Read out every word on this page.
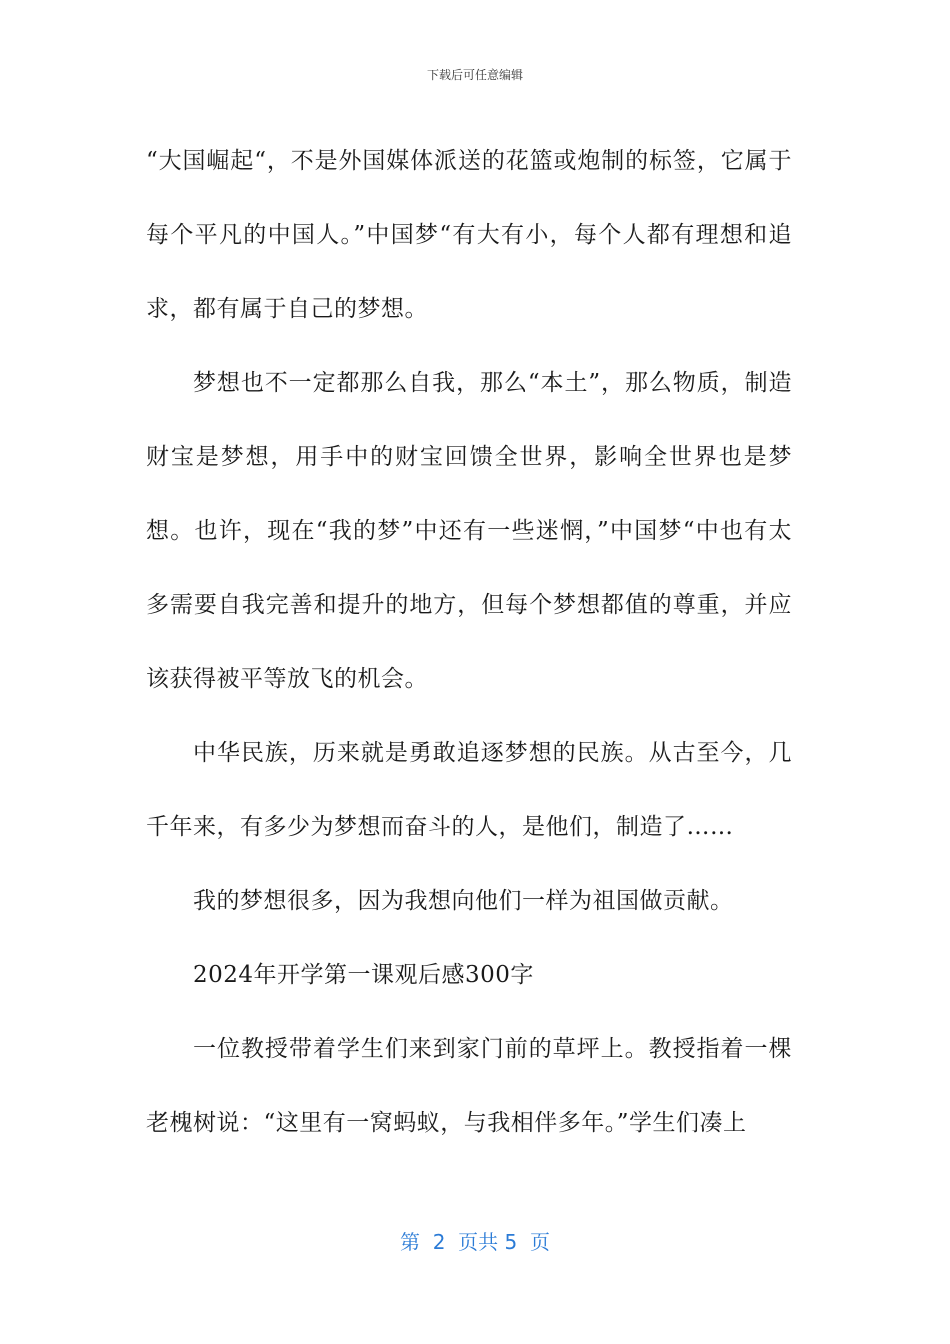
下载后可任意编辑

“大国崛起“，不是外国媒体派送的花篮或炮制的标签，它属于每个平凡的中国人。”中国梦“有大有小，每个人都有理想和追求，都有属于自己的梦想。

梦想也不一定都那么自我，那么“本土”，那么物质，制造财宝是梦想，用手中的财宝回馈全世界，影响全世界也是梦想。也许，现在“我的梦”中还有一些迷惘，”中国梦“中也有太多需要自我完善和提升的地方，但每个梦想都值的尊重，并应该获得被平等放飞的机会。

中华民族，历来就是勇敢追逐梦想的民族。从古至今，几千年来，有多少为梦想而奋斗的人，是他们，制造了……

我的梦想很多，因为我想向他们一样为祖国做贡献。

2024年开学第一课观后感300字

一位教授带着学生们来到家门前的草坪上。教授指着一棵老槐树说：“这里有一窝蚂蚁，与我相伴多年。”学生们凑上

第  2  页共 5  页
